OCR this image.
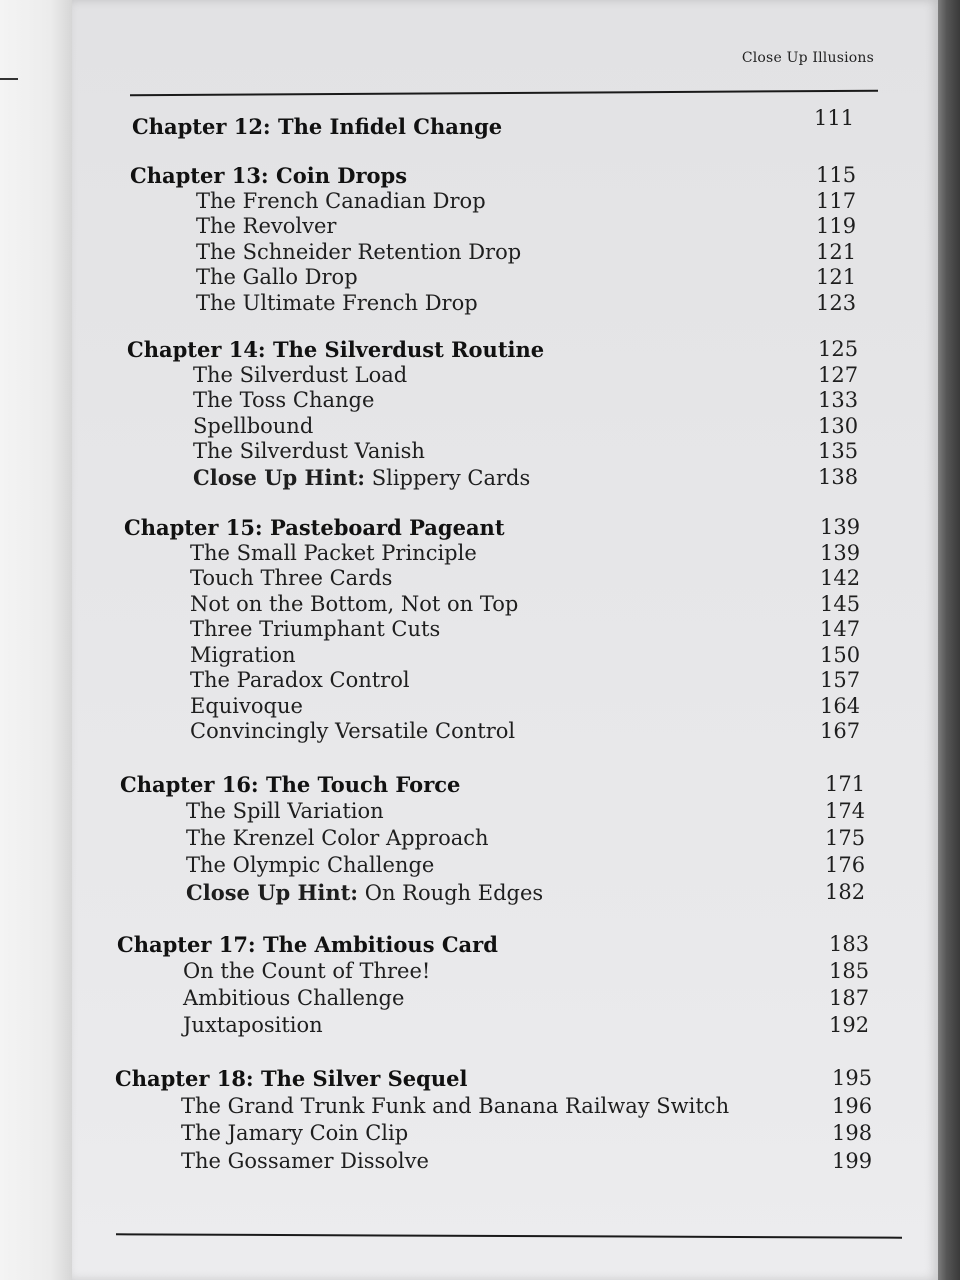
Close Up Illusions
Chapter 12: The Infidel Change	111
Chapter 13: Coin Drops	115
The French Canadian Drop	117
The Revolver	119
The Schneider Retention Drop	121
The Gallo Drop	121
The Ultimate French Drop	123
Chapter 14: The Silverdust Routine	125
The Silverdust Load	127
The Toss Change	133
Spellbound	130
The Silverdust Vanish	135
Close Up Hint: Slippery Cards	138
Chapter 15: Pasteboard Pageant	139
The Small Packet Principle	139
Touch Three Cards	142
Not on the Bottom, Not on Top	145
Three Triumphant Cuts	147
Migration	150
The Paradox Control	157
Equivoque	164
Convincingly Versatile Control	167
Chapter 16: The Touch Force	171
The Spill Variation	174
The Krenzel Color Approach	175
The Olympic Challenge	176
Close Up Hint: On Rough Edges	182
Chapter 17: The Ambitious Card	183
On the Count of Three!	185
Ambitious Challenge	187
Juxtaposition	192
Chapter 18: The Silver Sequel	195
The Grand Trunk Funk and Banana Railway Switch	196
The Jamary Coin Clip	198
The Gossamer Dissolve	199
